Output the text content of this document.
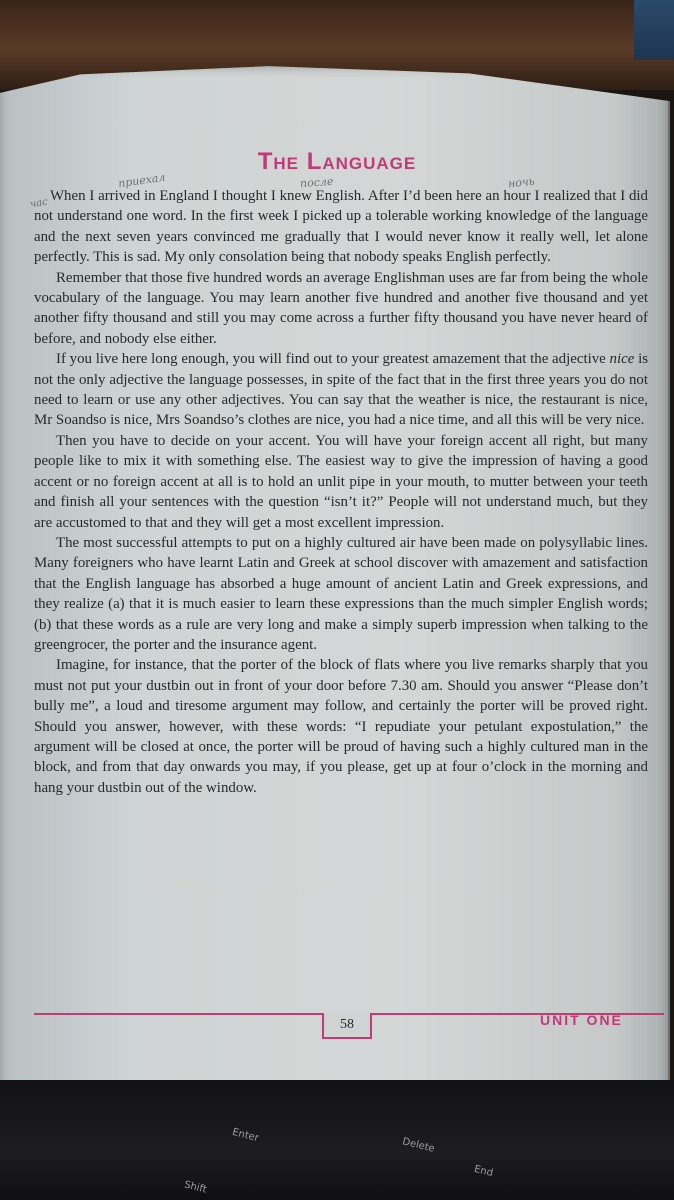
The Language
приехал	после	ночь
час When I arrived in England I thought I knew English. After I’d been here an hour I realized that I did not understand one word. In the first week I picked up a tolerable working knowledge of the language and the next seven years convinced me gradually that I would never know it really well, let alone perfectly. This is sad. My only consolation being that nobody speaks English perfectly.

Remember that those five hundred words an average Englishman uses are far from being the whole vocabulary of the language. You may learn another five hundred and another five thousand and yet another fifty thousand and still you may come across a further fifty thousand you have never heard of before, and nobody else either.

If you live here long enough, you will find out to your greatest amazement that the adjective nice is not the only adjective the language possesses, in spite of the fact that in the first three years you do not need to learn or use any other adjectives. You can say that the weather is nice, the restaurant is nice, Mr Soandso is nice, Mrs Soandso’s clothes are nice, you had a nice time, and all this will be very nice.

Then you have to decide on your accent. You will have your foreign accent all right, but many people like to mix it with something else. The easiest way to give the impression of having a good accent or no foreign accent at all is to hold an unlit pipe in your mouth, to mutter between your teeth and finish all your sentences with the question “isn’t it?” People will not understand much, but they are accustomed to that and they will get a most excellent impression.

The most successful attempts to put on a highly cultured air have been made on polysyllabic lines. Many foreigners who have learnt Latin and Greek at school discover with amazement and satisfaction that the English language has absorbed a huge amount of ancient Latin and Greek expressions, and they realize (a) that it is much easier to learn these expressions than the much simpler English words; (b) that these words as a rule are very long and make a simply superb impression when talking to the greengrocer, the porter and the insurance agent.

Imagine, for instance, that the porter of the block of flats where you live remarks sharply that you must not put your dustbin out in front of your door before 7.30 am. Should you answer “Please don’t bully me”, a loud and tiresome argument may follow, and certainly the porter will be proved right. Should you answer, however, with these words: “I repudiate your petulant expostulation,” the argument will be closed at once, the porter will be proud of having such a highly cultured man in the block, and from that day onwards you may, if you please, get up at four o’clock in the morning and hang your dustbin out of the window.

58	UNIT ONE
Enter
Delete
End
Shift
